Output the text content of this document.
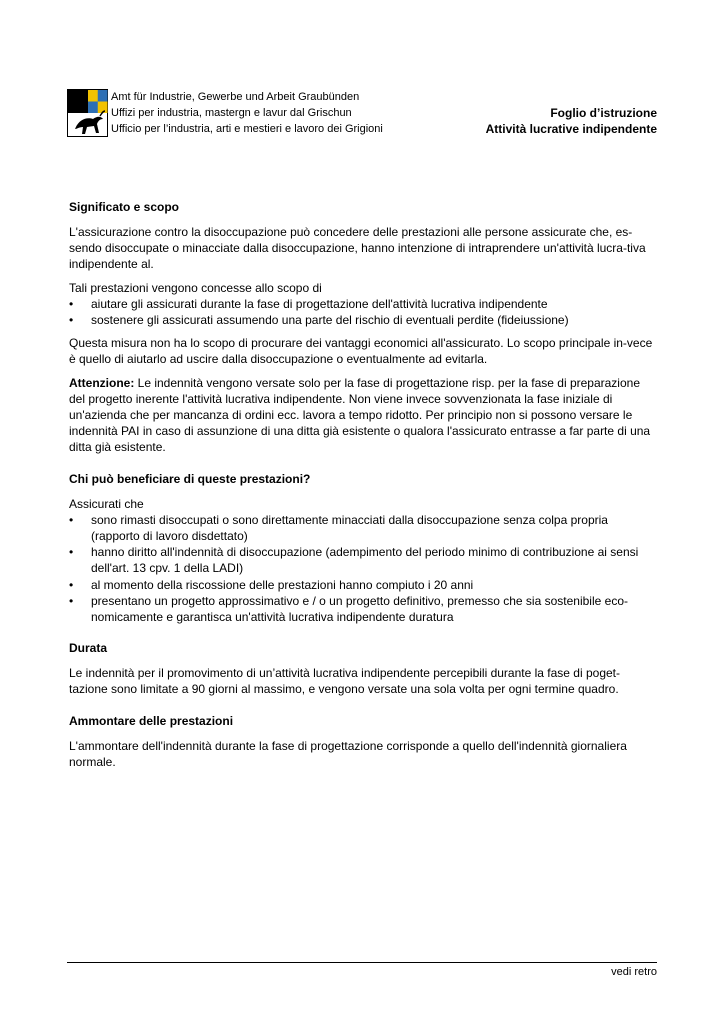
Amt für Industrie, Gewerbe und Arbeit Graubünden
Uffizi per industria, mastergn e lavur dal Grischun
Ufficio per l’industria, arti e mestieri e lavoro dei Grigioni
Foglio d’istruzione
Attività lucrative indipendente
Significato e scopo

L'assicurazione contro la disoccupazione può concedere delle prestazioni alle persone assicurate che, es-sendo disoccupate o minacciate dalla disoccupazione, hanno intenzione di intraprendere un'attività lucra-tiva indipendente al.

Tali prestazioni vengono concesse allo scopo di

• aiutare gli assicurati durante la fase di progettazione dell'attività lucrativa indipendente
• sostenere gli assicurati assumendo una parte del rischio di eventuali perdite (fideiussione)

Questa misura non ha lo scopo di procurare dei vantaggi economici all'assicurato. Lo scopo principale in-vece è quello di aiutarlo ad uscire dalla disoccupazione o eventualmente ad evitarla.

Attenzione: Le indennità vengono versate solo per la fase di progettazione risp. per la fase di preparazione del progetto inerente l'attività lucrativa indipendente. Non viene invece sovvenzionata la fase iniziale di un'azienda che per mancanza di ordini ecc. lavora a tempo ridotto. Per principio non si possono versare le indennità PAI in caso di assunzione di una ditta già esistente o qualora l'assicurato entrasse a far parte di una ditta già esistente.

Chi può beneficiare di queste prestazioni?

Assicurati che

• sono rimasti disoccupati o sono direttamente minacciati dalla disoccupazione senza colpa propria (rapporto di lavoro disdettato)
• hanno diritto all'indennità di disoccupazione (adempimento del periodo minimo di contribuzione ai sensi dell'art. 13 cpv. 1 della LADI)
• al momento della riscossione delle prestazioni hanno compiuto i 20 anni
• presentano un progetto approssimativo e / o un progetto definitivo, premesso che sia sostenibile eco-nomicamente e garantisca un'attività lucrativa indipendente duratura
Durata

Le indennità per il promovimento di un’attività lucrativa indipendente percepibili durante la fase di poget-tazione sono limitate a 90 giorni al massimo, e vengono versate una sola volta per ogni termine quadro.

Ammontare delle prestazioni

L'ammontare dell'indennità durante la fase di progettazione corrisponde a quello dell'indennità giornaliera normale.

vedi retro
